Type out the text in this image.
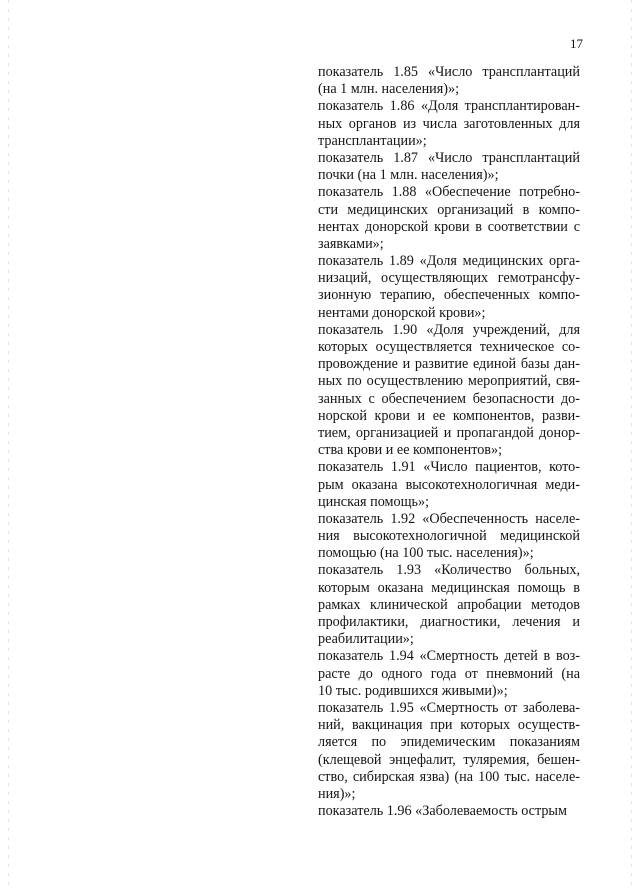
17
показатель 1.85 «Число трансплантаций
(на 1 млн. населения)»;
показатель 1.86 «Доля трансплантирован-
ных органов из числа заготовленных для
трансплантации»;
показатель 1.87 «Число трансплантаций
почки (на 1 млн. населения)»;
показатель 1.88 «Обеспечение потребно-
сти медицинских организаций в компо-
нентах донорской крови в соответствии с
заявками»;
показатель 1.89 «Доля медицинских орга-
низаций, осуществляющих гемотрансфу-
зионную терапию, обеспеченных компо-
нентами донорской крови»;
показатель 1.90 «Доля учреждений, для
которых осуществляется техническое со-
провождение и развитие единой базы дан-
ных по осуществлению мероприятий, свя-
занных с обеспечением безопасности до-
норской крови и ее компонентов, разви-
тием, организацией и пропагандой донор-
ства крови и ее компонентов»;
показатель 1.91 «Число пациентов, кото-
рым оказана высокотехнологичная меди-
цинская помощь»;
показатель 1.92 «Обеспеченность населе-
ния высокотехнологичной медицинской
помощью (на 100 тыс. населения)»;
показатель 1.93 «Количество больных,
которым оказана медицинская помощь в
рамках клинической апробации методов
профилактики, диагностики, лечения и
реабилитации»;
показатель 1.94 «Смертность детей в воз-
расте до одного года от пневмоний (на
10 тыс. родившихся живыми)»;
показатель 1.95 «Смертность от заболева-
ний, вакцинация при которых осуществ-
ляется по эпидемическим показаниям
(клещевой энцефалит, туляремия, бешен-
ство, сибирская язва) (на 100 тыс. населе-
ния)»;
показатель 1.96 «Заболеваемость острым
